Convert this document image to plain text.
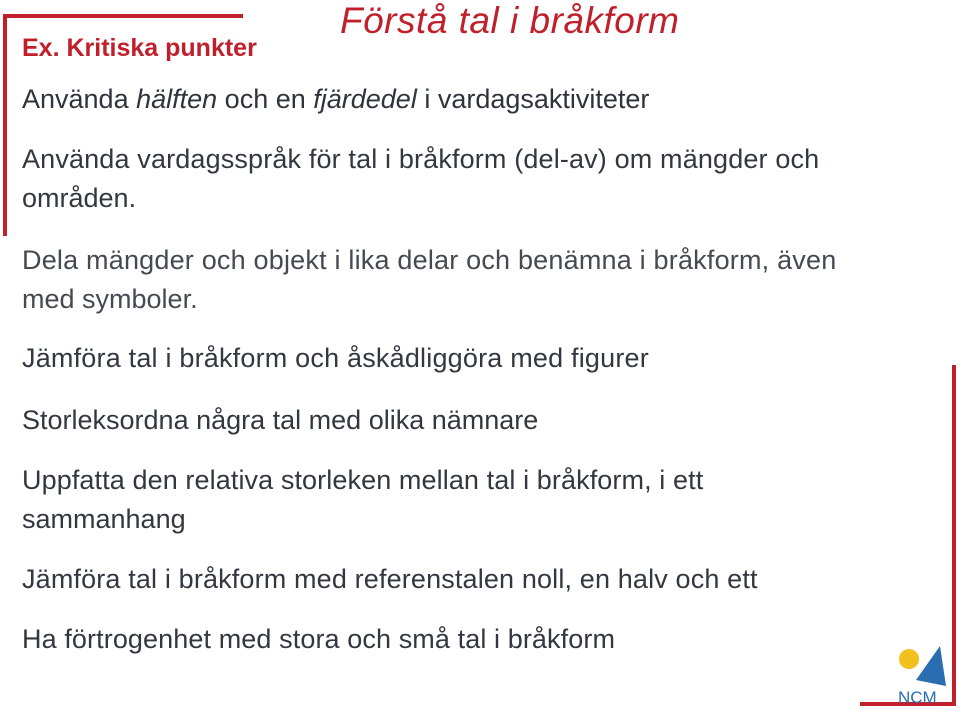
Förstå tal i bråkform
Ex. Kritiska punkter

Använda hälften och en fjärdedel i vardagsaktiviteter

Använda vardagsspråk för tal i bråkform (del-av) om mängder och

områden.

Dela mängder och objekt i lika delar och benämna i bråkform, även

med symboler.

Jämföra tal i bråkform och åskådliggöra med figurer

Storleksordna några tal med olika nämnare

Uppfatta den relativa storleken mellan tal i bråkform, i ett

sammanhang

Jämföra tal i bråkform med referenstalen noll, en halv och ett

Ha förtrogenhet med stora och små tal i bråkform

NCM
